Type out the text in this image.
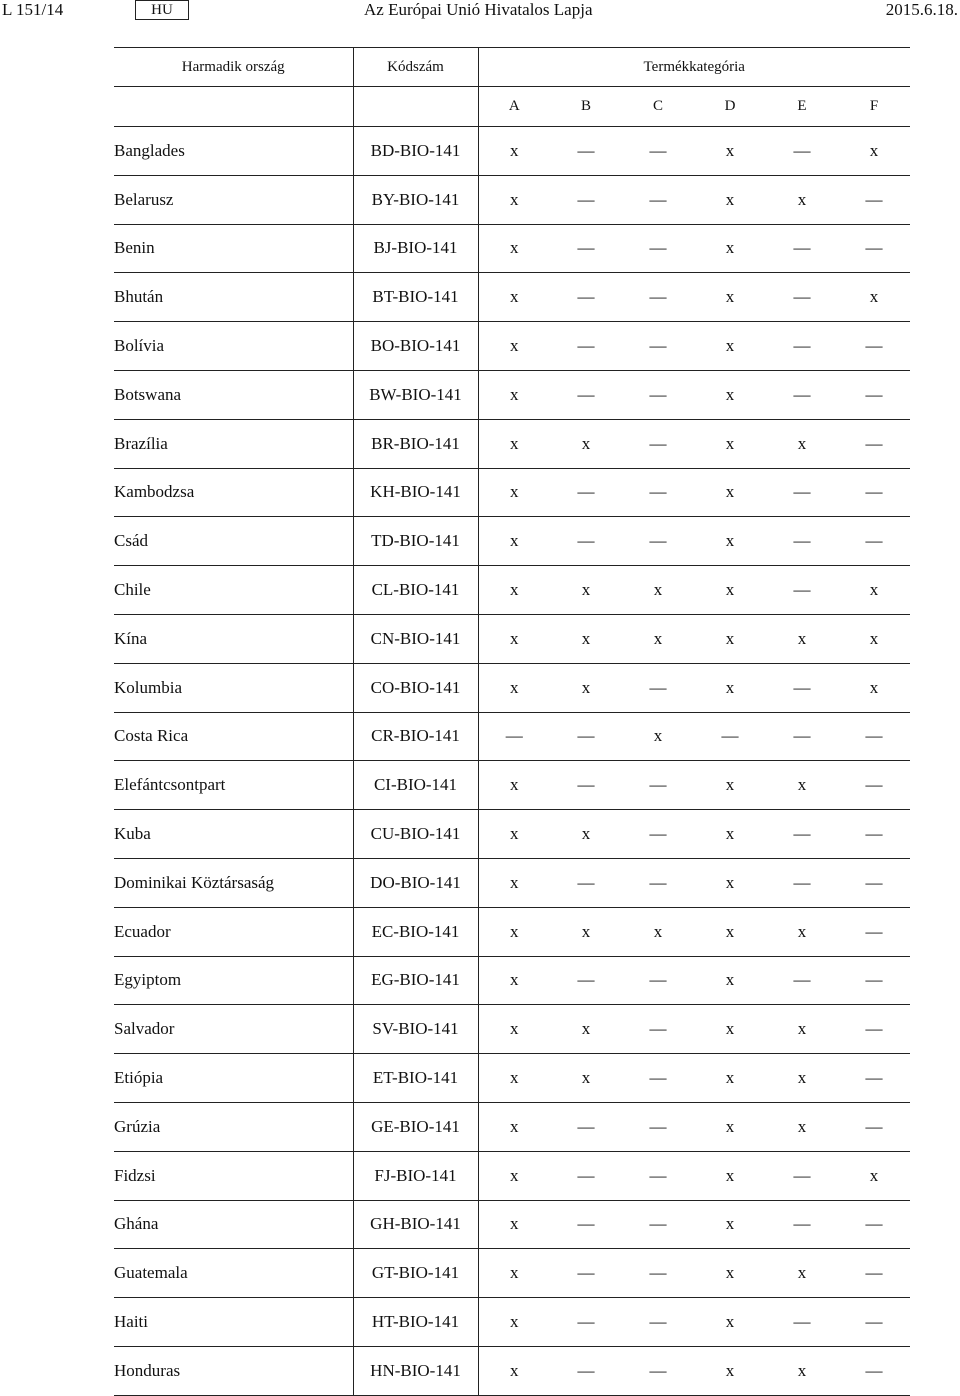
L 151/14	HU	Az Európai Unió Hivatalos Lapja	2015.6.18.
Harmadik ország	Kódszám	Termékkategória					
		A	B	C	D	E	F
Banglades	BD-BIO-141	x	—	—	x	—	x
Belarusz	BY-BIO-141	x	—	—	x	x	—
Benin	BJ-BIO-141	x	—	—	x	—	—
Bhután	BT-BIO-141	x	—	—	x	—	x
Bolívia	BO-BIO-141	x	—	—	x	—	—
Botswana	BW-BIO-141	x	—	—	x	—	—
Brazília	BR-BIO-141	x	x	—	x	x	—
Kambodzsa	KH-BIO-141	x	—	—	x	—	—
Csád	TD-BIO-141	x	—	—	x	—	—
Chile	CL-BIO-141	x	x	x	x	—	x
Kína	CN-BIO-141	x	x	x	x	x	x
Kolumbia	CO-BIO-141	x	x	—	x	—	x
Costa Rica	CR-BIO-141	—	—	x	—	—	—
Elefántcsontpart	CI-BIO-141	x	—	—	x	x	—
Kuba	CU-BIO-141	x	x	—	x	—	—
Dominikai Köztársaság	DO-BIO-141	x	—	—	x	—	—
Ecuador	EC-BIO-141	x	x	x	x	x	—
Egyiptom	EG-BIO-141	x	—	—	x	—	—
Salvador	SV-BIO-141	x	x	—	x	x	—
Etiópia	ET-BIO-141	x	x	—	x	x	—
Grúzia	GE-BIO-141	x	—	—	x	x	—
Fidzsi	FJ-BIO-141	x	—	—	x	—	x
Ghána	GH-BIO-141	x	—	—	x	—	—
Guatemala	GT-BIO-141	x	—	—	x	x	—
Haiti	HT-BIO-141	x	—	—	x	—	—
Honduras	HN-BIO-141	x	—	—	x	x	—
